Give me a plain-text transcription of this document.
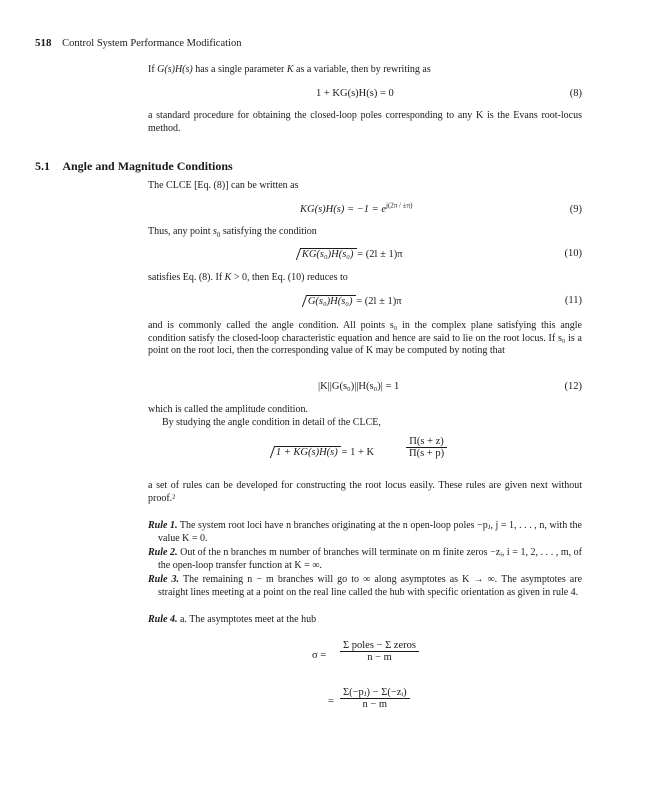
518 Control System Performance Modification
If G(s)H(s) has a single parameter K as a variable, then by rewriting as
1 + KG(s)H(s) = 0	(8)
a standard procedure for obtaining the closed-loop poles corresponding to any K is the Evans root-locus method.
5.1 Angle and Magnitude Conditions
The CLCE [Eq. (8)] can be written as
$KG(s)H(s) = -1 = e^{j(2\pi / \pm\pi)}$	(9)
Thus, any point $s_0$ satisfying the condition
KG(s₀)H(s₀) = (2l ± 1)π	(10)
satisfies Eq. (8). If K > 0, then Eq. (10) reduces to
G(s₀)H(s₀) = (2l ± 1)π	(11)
and is commonly called the angle condition. All points s₀ in the complex plane satisfying this angle condition satisfy the closed-loop characteristic equation and hence are said to lie on the root locus. If s₀ is a point on the root loci, then the corresponding value of K may be computed by noting that
|K||G(s₀)||H(s₀)| = 1	(12)
which is called the amplitude condition.
By studying the angle condition in detail of the CLCE,
1 + KG(s)H(s) = 1 + K	$\frac{\Pi(s + z)}{\Pi(s + p)}$
a set of rules can be developed for constructing the root locus easily. These rules are given next without proof.²
Rule 1. The system root loci have n branches originating at the n open-loop poles −pⱼ, j = 1, . . . , n, with the value K = 0.
Rule 2. Out of the n branches m number of branches will terminate on m finite zeros −zᵢ, i = 1, 2, . . . , m, of the open-loop transfer function at K = ∞.
Rule 3. The remaining n − m branches will go to ∞ along asymptotes as K → ∞. The asymptotes are straight lines meeting at a point on the real line called the hub with specific orientation as given in rule 4.
Rule 4. a. The asymptotes meet at the hub
σ =
Σ poles − Σ zeros
n − m
= $\frac{\text{Σ(−pⱼ) − Σ(−zᵢ)}}{n - m}$
